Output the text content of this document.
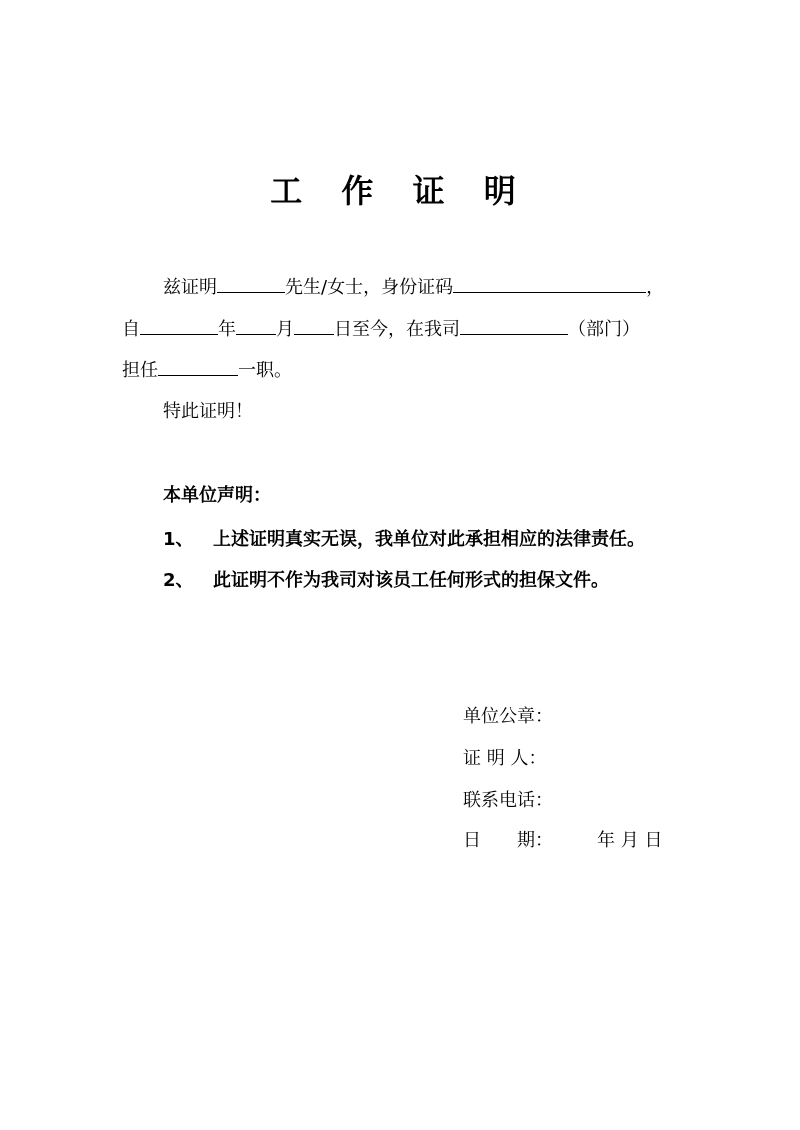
工 作 证 明
兹证明	先生/女士，身份证码	，
自	年 月 日至今，在我司	（部门）
担任	一职。
特此证明！
本单位声明：
1、 上述证明真实无误，我单位对此承担相应的法律责任。
2、 此证明不作为我司对该员工任何形式的担保文件。
单位公章：
证 明 人：
联系电话：
日　　期： 年 月 日
